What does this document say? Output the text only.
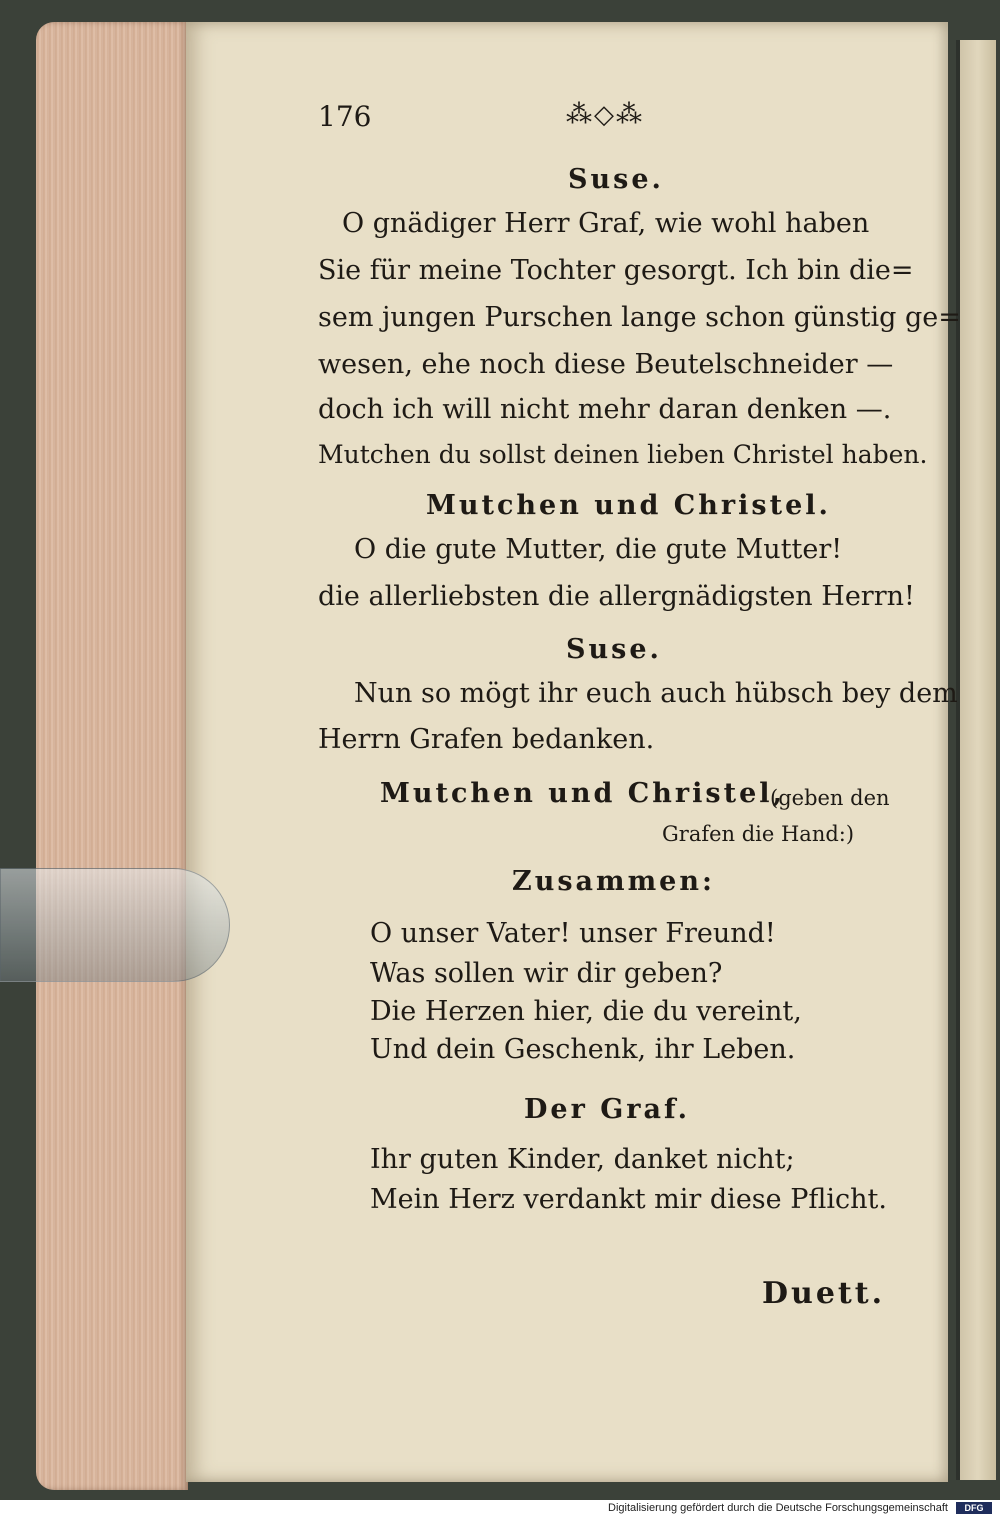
176	⁂◇⁂
Suse.
O gnädiger Herr Graf, wie wohl haben
Sie für meine Tochter gesorgt. Ich bin die=
sem jungen Purschen lange schon günstig ge=
wesen, ehe noch diese Beutelschneider —
doch ich will nicht mehr daran denken —.
Mutchen du sollst deinen lieben Christel haben.
Mutchen und Christel.
O die gute Mutter, die gute Mutter!
die allerliebsten die allergnädigsten Herrn!
Suse.
Nun so mögt ihr euch auch hübsch bey dem
Herrn Grafen bedanken.
Mutchen und Christel,
(geben den
Grafen die Hand:)
Zusammen:
O unser Vater! unser Freund!
Was sollen wir dir geben?
Die Herzen hier, die du vereint,
Und dein Geschenk, ihr Leben.
Der Graf.
Ihr guten Kinder, danket nicht;
Mein Herz verdankt mir diese Pflicht.
Duett.
Digitalisierung gefördert durch die Deutsche Forschungsgemeinschaft	DFG
